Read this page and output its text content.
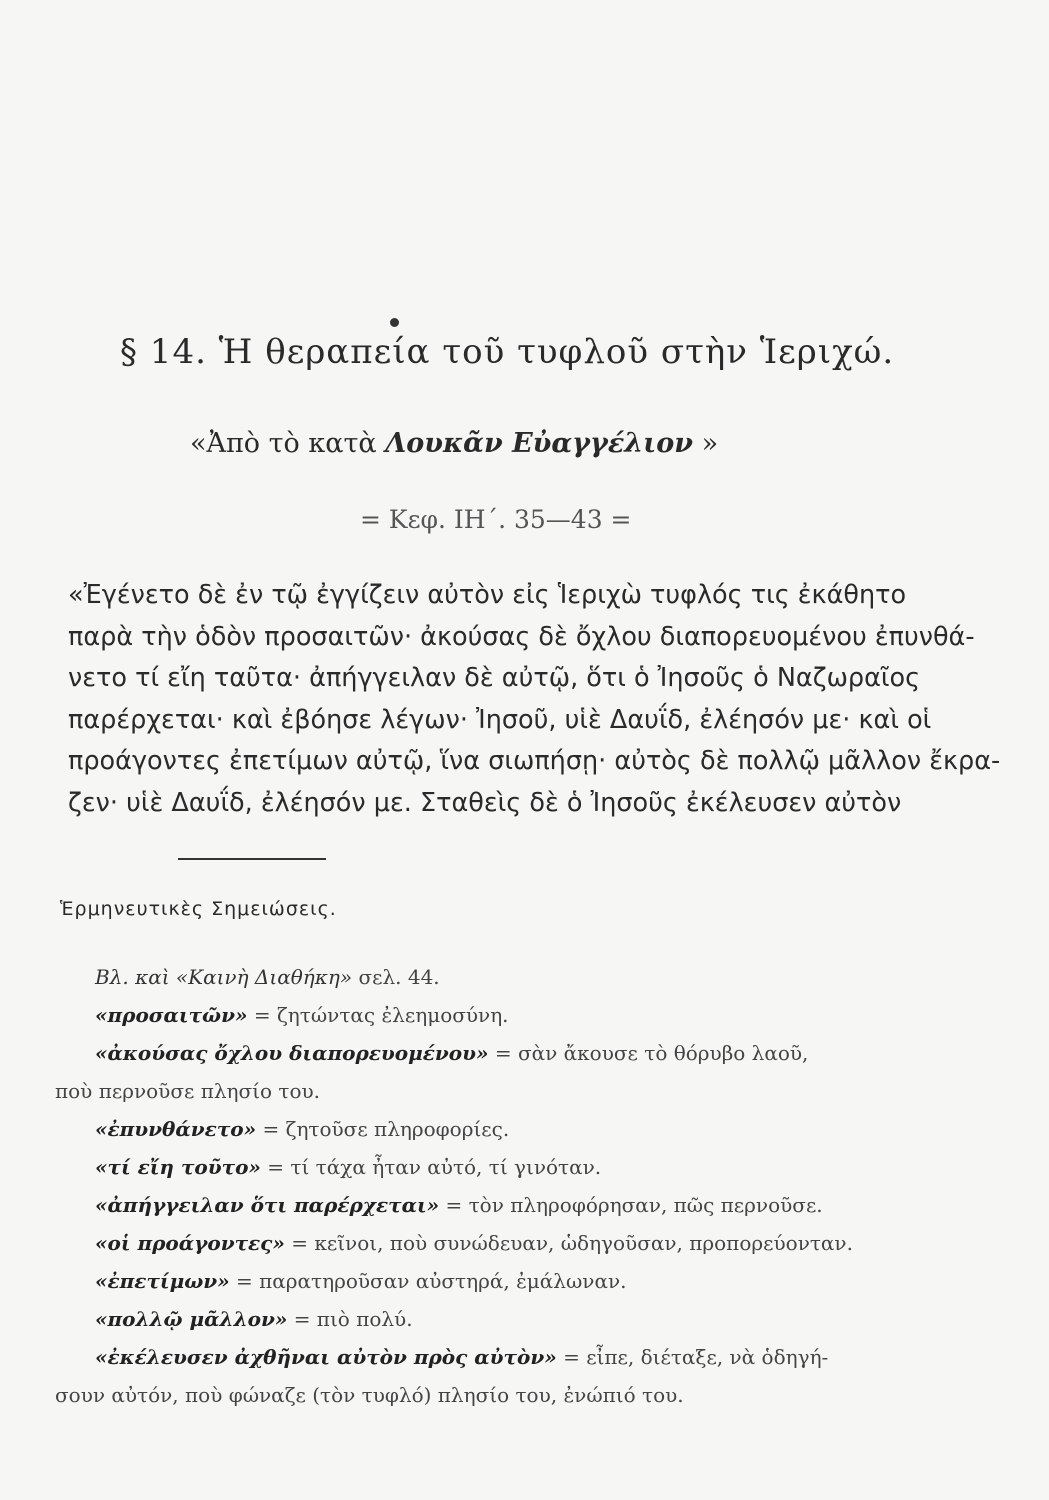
§ 14. Ἡ θεραπεία τοῦ τυφλοῦ στὴν Ἱεριχώ.
«Ἀπὸ τὸ κατὰ Λουκᾶν Εὐαγγέλιον »
= Κεφ. ΙΗ΄. 35—43 =
«Ἐγένετο δὲ ἐν τῷ ἐγγίζειν αὐτὸν εἰς Ἱεριχὼ τυφλός τις ἐκάθητο
παρὰ τὴν ὁδὸν προσαιτῶν· ἀκούσας δὲ ὄχλου διαπορευομένου ἐπυνθά-
νετο τί εἴη ταῦτα· ἀπήγγειλαν δὲ αὐτῷ, ὅτι ὁ Ἰησοῦς ὁ Ναζωραῖος
παρέρχεται· καὶ ἐβόησε λέγων· Ἰησοῦ, υἱὲ Δαυΐδ, ἐλέησόν με· καὶ οἱ
προάγοντες ἐπετίμων αὐτῷ, ἵνα σιωπήσῃ· αὐτὸς δὲ πολλῷ μᾶλλον ἔκρα-
ζεν· υἱὲ Δαυΐδ, ἐλέησόν με. Σταθεὶς δὲ ὁ Ἰησοῦς ἐκέλευσεν αὐτὸν
Ἑρμηνευτικὲς Σημειώσεις.
Βλ. καὶ «Καινὴ Διαθήκη» σελ. 44.
«προσαιτῶν» = ζητώντας ἐλεημοσύνη.
«ἀκούσας ὄχλου διαπορευομένου» = σὰν ἄκουσε τὸ θόρυβο λαοῦ,
ποὺ περνοῦσε πλησίο του.
«ἐπυνθάνετο» = ζητοῦσε πληροφορίες.
«τί εἴη τοῦτο» = τί τάχα ἦταν αὐτό, τί γινόταν.
«ἀπήγγειλαν ὅτι παρέρχεται» = τὸν πληροφόρησαν, πῶς περνοῦσε.
«οἱ προάγοντες» = κεῖνοι, ποὺ συνώδευαν, ὡδηγοῦσαν, προπορεύονταν.
«ἐπετίμων» = παρατηροῦσαν αὐστηρά, ἐμάλωναν.
«πολλῷ μᾶλλον» = πιὸ πολύ.
«ἐκέλευσεν ἀχθῆναι αὐτὸν πρὸς αὐτὸν» = εἶπε, διέταξε, νὰ ὁδηγή-
σουν αὐτόν, ποὺ φώναζε (τὸν τυφλό) πλησίο του, ἐνώπιό του.
